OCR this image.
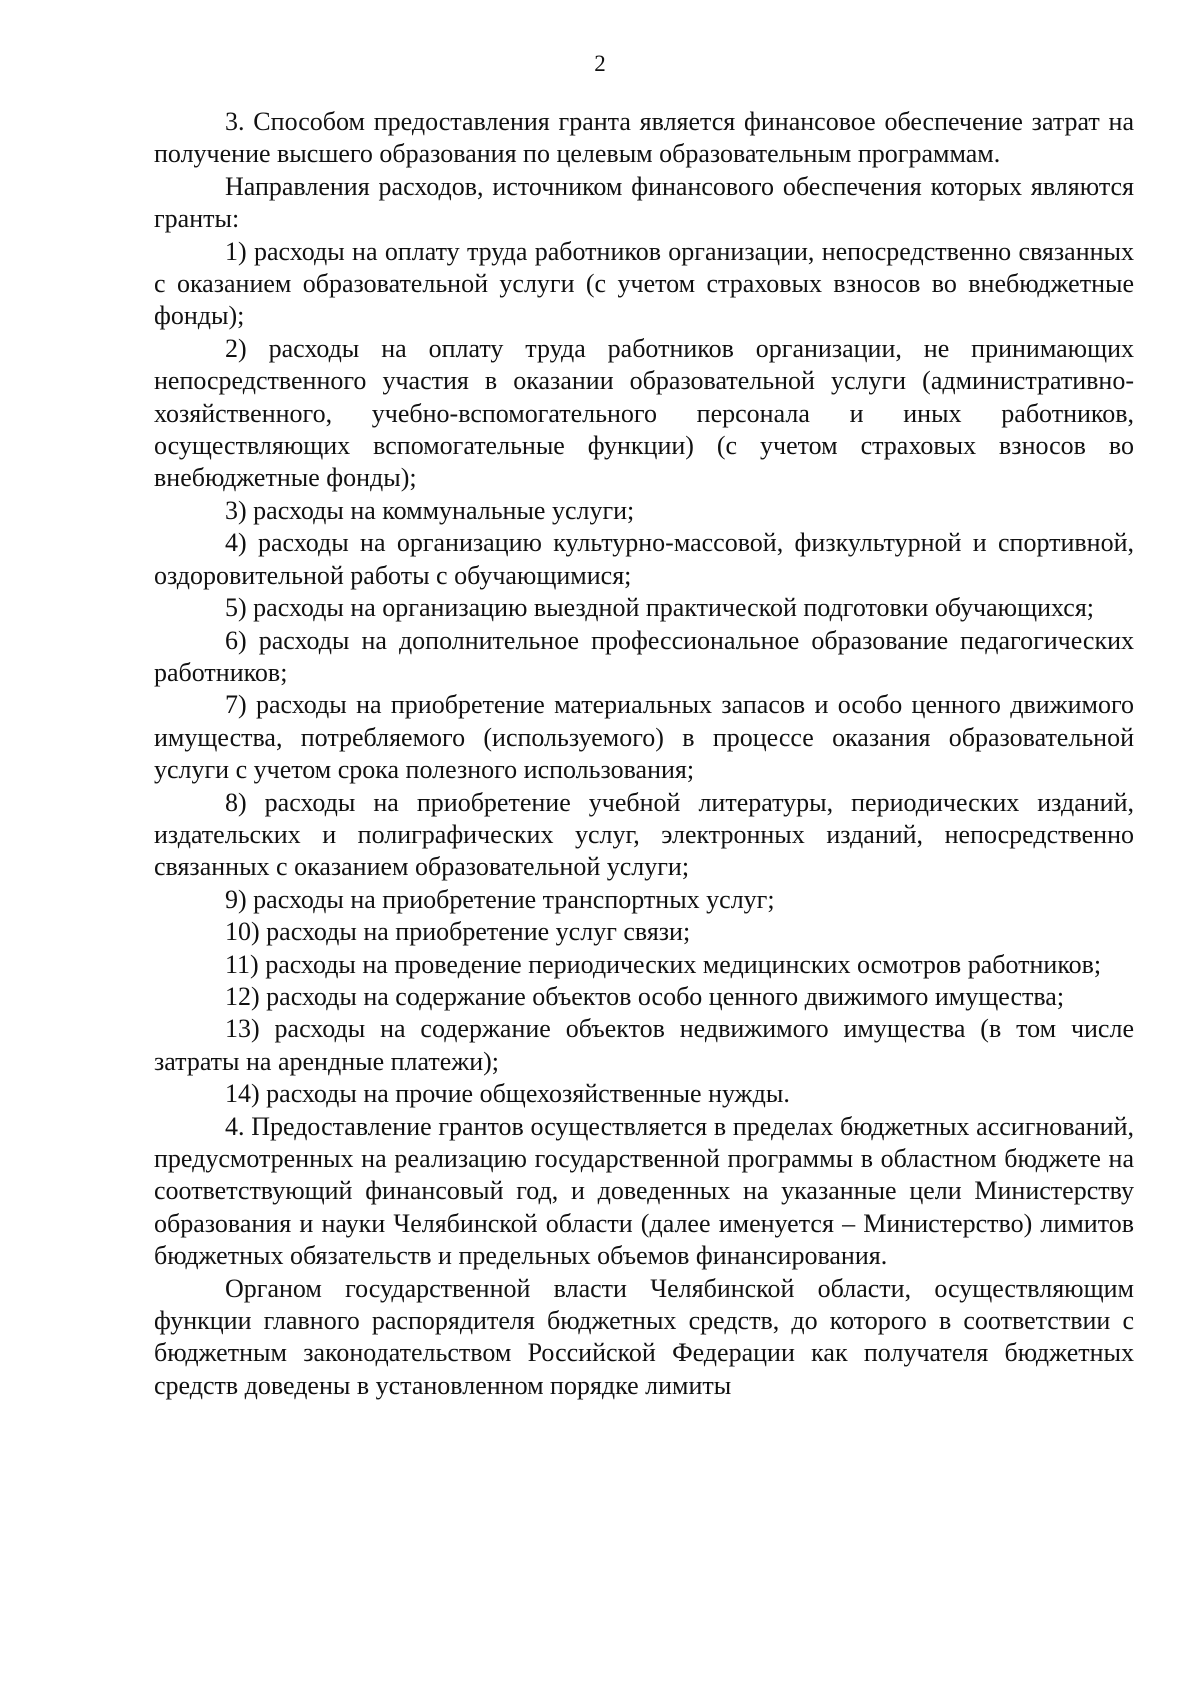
2

3. Способом предоставления гранта является финансовое обеспечение затрат на получение высшего образования по целевым образовательным программам.

Направления расходов, источником финансового обеспечения которых являются гранты:

1) расходы на оплату труда работников организации, непосредственно связанных с оказанием образовательной услуги (с учетом страховых взносов во внебюджетные фонды);

2) расходы на оплату труда работников организации, не принимающих непосредственного участия в оказании образовательной услуги (административно-хозяйственного, учебно-вспомогательного персонала и иных работников, осуществляющих вспомогательные функции) (с учетом страховых взносов во внебюджетные фонды);

3) расходы на коммунальные услуги;

4) расходы на организацию культурно-массовой, физкультурной и спортивной, оздоровительной работы с обучающимися;

5) расходы на организацию выездной практической подготовки обучающихся;

6) расходы на дополнительное профессиональное образование педагогических работников;

7) расходы на приобретение материальных запасов и особо ценного движимого имущества, потребляемого (используемого) в процессе оказания образовательной услуги с учетом срока полезного использования;

8) расходы на приобретение учебной литературы, периодических изданий, издательских и полиграфических услуг, электронных изданий, непосредственно связанных с оказанием образовательной услуги;

9) расходы на приобретение транспортных услуг;

10) расходы на приобретение услуг связи;

11) расходы на проведение периодических медицинских осмотров работников;

12) расходы на содержание объектов особо ценного движимого имущества;

13) расходы на содержание объектов недвижимого имущества (в том числе затраты на арендные платежи);

14) расходы на прочие общехозяйственные нужды.

4. Предоставление грантов осуществляется в пределах бюджетных ассигнований, предусмотренных на реализацию государственной программы в областном бюджете на соответствующий финансовый год, и доведенных на указанные цели Министерству образования и науки Челябинской области (далее именуется – Министерство) лимитов бюджетных обязательств и предельных объемов финансирования.

Органом государственной власти Челябинской области, осуществляющим функции главного распорядителя бюджетных средств, до которого в соответствии с бюджетным законодательством Российской Федерации как получателя бюджетных средств доведены в установленном порядке лимиты
